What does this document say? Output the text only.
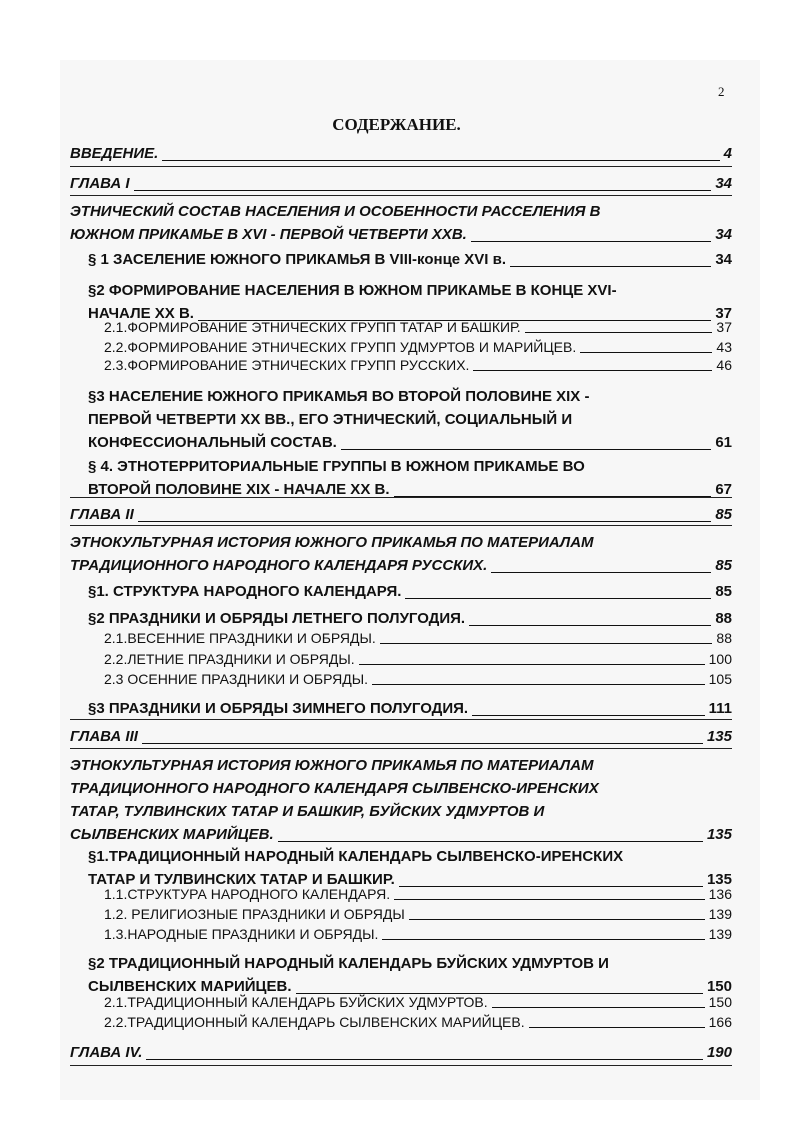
2
СОДЕРЖАНИЕ.
ВВЕДЕНИЕ.	4
ГЛАВА I	34
ЭТНИЧЕСКИЙ СОСТАВ НАСЕЛЕНИЯ И ОСОБЕННОСТИ РАССЕЛЕНИЯ В
ЮЖНОМ ПРИКАМЬЕ В XVI - ПЕРВОЙ ЧЕТВЕРТИ XXВ.	34
§ 1 ЗАСЕЛЕНИЕ ЮЖНОГО ПРИКАМЬЯ В VIII-конце XVI в.	34
§2 ФОРМИРОВАНИЕ НАСЕЛЕНИЯ В ЮЖНОМ ПРИКАМЬЕ В КОНЦЕ XVI-
НАЧАЛЕ XX В.	37
2.1.ФОРМИРОВАНИЕ ЭТНИЧЕСКИХ ГРУПП ТАТАР И БАШКИР.	37
2.2.ФОРМИРОВАНИЕ ЭТНИЧЕСКИХ ГРУПП УДМУРТОВ И МАРИЙЦЕВ.	43
2.3.ФОРМИРОВАНИЕ ЭТНИЧЕСКИХ ГРУПП РУССКИХ.	46
§3 НАСЕЛЕНИЕ ЮЖНОГО ПРИКАМЬЯ ВО ВТОРОЙ ПОЛОВИНЕ XIX -
ПЕРВОЙ ЧЕТВЕРТИ XX ВВ., ЕГО ЭТНИЧЕСКИЙ, СОЦИАЛЬНЫЙ И
КОНФЕССИОНАЛЬНЫЙ СОСТАВ.	61
§ 4. ЭТНОТЕРРИТОРИАЛЬНЫЕ ГРУППЫ В ЮЖНОМ ПРИКАМЬЕ ВО
ВТОРОЙ ПОЛОВИНЕ XIX - НАЧАЛЕ XX В.	67
ГЛАВА II	85
ЭТНОКУЛЬТУРНАЯ ИСТОРИЯ ЮЖНОГО ПРИКАМЬЯ ПО МАТЕРИАЛАМ
ТРАДИЦИОННОГО НАРОДНОГО КАЛЕНДАРЯ РУССКИХ.	85
§1. СТРУКТУРА НАРОДНОГО КАЛЕНДАРЯ.	85
§2 ПРАЗДНИКИ И ОБРЯДЫ ЛЕТНЕГО ПОЛУГОДИЯ.	88
2.1.ВЕСЕННИЕ ПРАЗДНИКИ И ОБРЯДЫ.	88
2.2.ЛЕТНИЕ ПРАЗДНИКИ И ОБРЯДЫ.	100
2.3 ОСЕННИЕ ПРАЗДНИКИ И ОБРЯДЫ.	105
§3 ПРАЗДНИКИ И ОБРЯДЫ ЗИМНЕГО ПОЛУГОДИЯ.	111
ГЛАВА III	135
ЭТНОКУЛЬТУРНАЯ ИСТОРИЯ ЮЖНОГО ПРИКАМЬЯ ПО МАТЕРИАЛАМ
ТРАДИЦИОННОГО НАРОДНОГО КАЛЕНДАРЯ СЫЛВЕНСКО-ИРЕНСКИХ
ТАТАР, ТУЛВИНСКИХ ТАТАР И БАШКИР, БУЙСКИХ УДМУРТОВ И
СЫЛВЕНСКИХ МАРИЙЦЕВ.	135
§1.ТРАДИЦИОННЫЙ НАРОДНЫЙ КАЛЕНДАРЬ СЫЛВЕНСКО-ИРЕНСКИХ
ТАТАР И ТУЛВИНСКИХ ТАТАР И БАШКИР.	135
1.1.СТРУКТУРА НАРОДНОГО КАЛЕНДАРЯ.	136
1.2. РЕЛИГИОЗНЫЕ ПРАЗДНИКИ И ОБРЯДЫ	139
1.3.НАРОДНЫЕ ПРАЗДНИКИ И ОБРЯДЫ.	139
§2 ТРАДИЦИОННЫЙ НАРОДНЫЙ КАЛЕНДАРЬ БУЙСКИХ УДМУРТОВ И
СЫЛВЕНСКИХ МАРИЙЦЕВ.	150
2.1.ТРАДИЦИОННЫЙ КАЛЕНДАРЬ БУЙСКИХ УДМУРТОВ.	150
2.2.ТРАДИЦИОННЫЙ КАЛЕНДАРЬ СЫЛВЕНСКИХ МАРИЙЦЕВ.	166
ГЛАВА IV.	190
